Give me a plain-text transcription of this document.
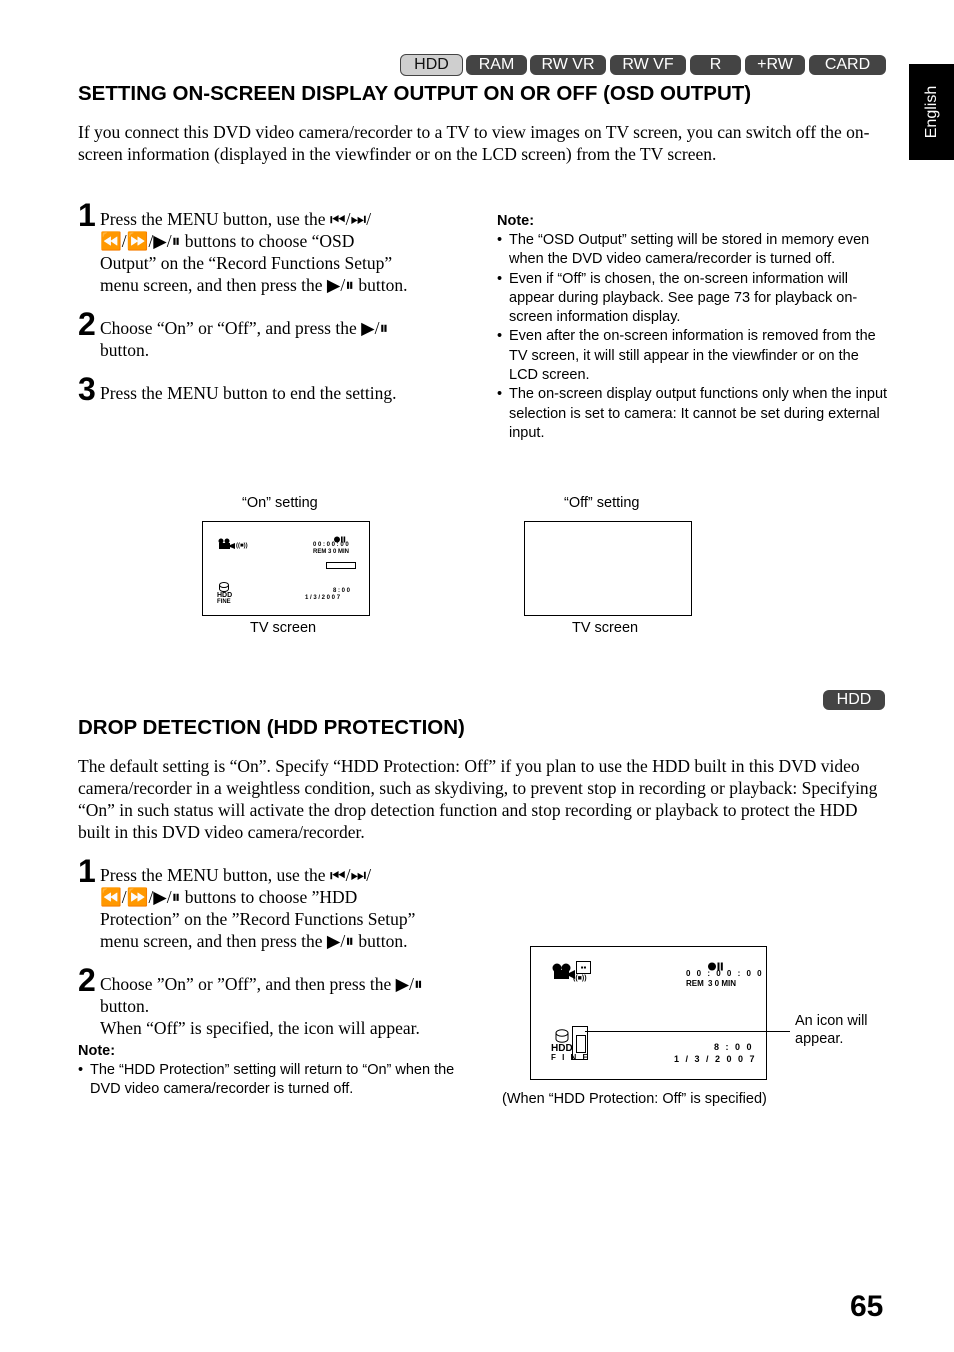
HDD	RAM	RW VR	RW VF	R	+RW	CARD
English
SETTING ON-SCREEN DISPLAY OUTPUT ON OR OFF (OSD OUTPUT)
If you connect this DVD video camera/recorder to a TV to view images on TV screen, you can switch off the on-screen information (displayed in the viewfinder or on the LCD screen) from the TV screen.
1 Press the MENU button, use the ⏮/⏭/
⏪/⏩/▶/⏸ buttons to choose “OSD
Output” on the “Record Functions Setup”
menu screen, and then press the ▶/⏸ button.
2 Choose “On” or “Off”, and press the ▶/⏸
button.
3 Press the MENU button to end the setting.
Note:
• The “OSD Output” setting will be stored in memory even when the DVD video camera/recorder is turned off.
• Even if “Off” is chosen, the on-screen information will appear during playback. See page 73 for playback on-screen information display.
• Even after the on-screen information is removed from the TV screen, it will still appear in the viewfinder or on the LCD screen.
• The on-screen display output functions only when the input selection is set to camera: It cannot be set during external input.
“On” setting	“Off” setting
((■))	0 0 : 0 0 : 0 0
REM 3 0 MIN
HDD
FINE
8 : 0 0
1 / 3 / 2 0 0 7
TV screen	TV screen
HDD
DROP DETECTION (HDD PROTECTION)
The default setting is “On”. Specify “HDD Protection: Off” if you plan to use the HDD built in this DVD video camera/recorder in a weightless condition, such as skydiving, to prevent stop in recording or playback: Specifying “On” in such status will activate the drop detection function and stop recording or playback to protect the HDD built in this DVD video camera/recorder.
1 Press the MENU button, use the ⏮/⏭/
⏪/⏩/▶/⏸ buttons to choose ”HDD
Protection” on the ”Record Functions Setup”
menu screen, and then press the ▶/⏸ button.
2 Choose ”On” or ”Off”, and then press the ▶/⏸
button.
When “Off” is specified, the icon will appear.
Note:
• The “HDD Protection” setting will return to “On” when the DVD video camera/recorder is turned off.
▪▪
((■))
0 0 : 0 0 : 0 0
REM 3 0 MIN
HDD
F I N E
8 : 0 0
1 / 3 / 2 0 0 7
An icon will appear.
(When “HDD Protection: Off” is specified)
65
